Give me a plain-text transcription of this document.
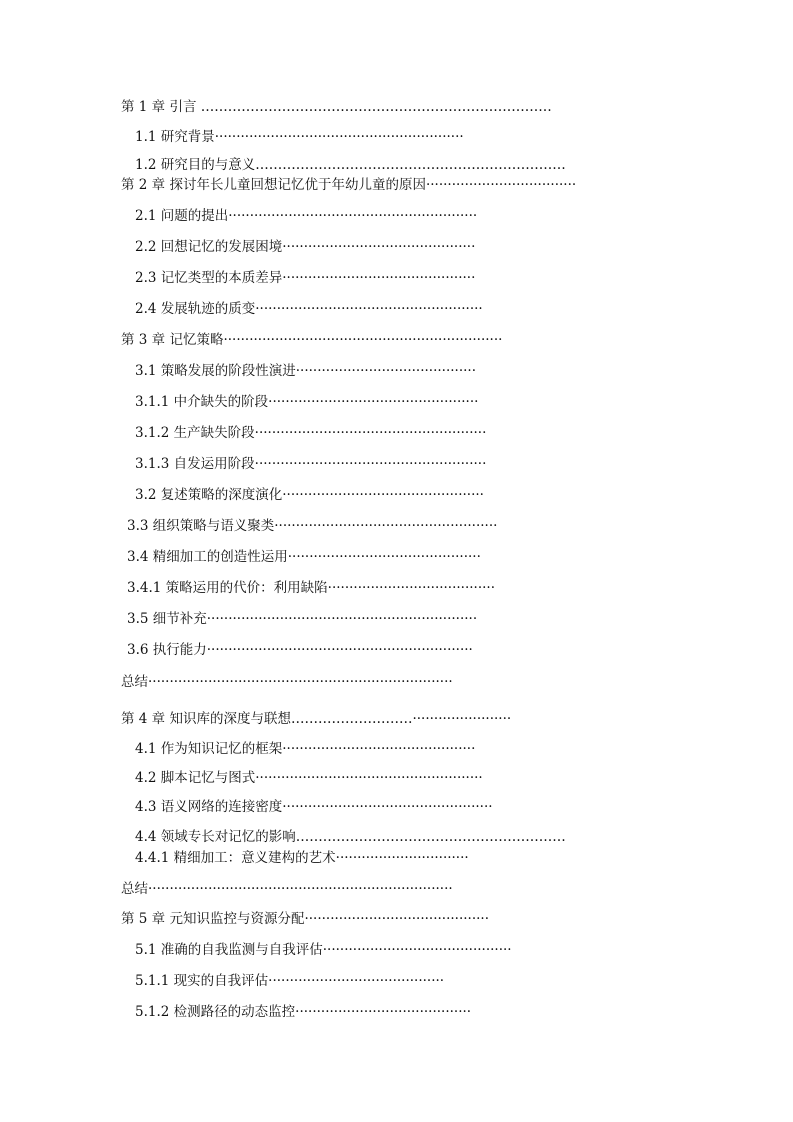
第 1 章 引言 ……………………………………………………………………
1.1 研究背景··························································
1.2 研究目的与意义……………………………………………………………
第 2 章 探讨年长儿童回想记忆优于年幼儿童的原因···································
2.1 问题的提出··························································
2.2 回想记忆的发展困境·············································
2.3 记忆类型的本质差异·············································
2.4 发展轨迹的质变·····················································
第 3 章 记忆策略·································································
3.1 策略发展的阶段性演进··········································
3.1.1 中介缺失的阶段·················································
3.1.2 生产缺失阶段······················································
3.1.3 自发运用阶段······················································
3.2 复述策略的深度演化···············································
3.3 组织策略与语义聚类····················································
3.4 精细加工的创造性运用·············································
3.4.1 策略运用的代价：利用缺陷·······································
3.5 细节补充·······························································
3.6 执行能力······························································
总结·······································································
第 4 章 知识库的深度与联想………………………·······················
4.1 作为知识记忆的框架·············································
4.2 脚本记忆与图式·····················································
4.3 语义网络的连接密度·················································
4.4 领域专长对记忆的影响……………………………………………………
4.4.1 精细加工：意义建构的艺术·······························
总结·······································································
第 5 章 元知识监控与资源分配···········································
5.1 准确的自我监测与自我评估············································
5.1.1 现实的自我评估·········································
5.1.2 检测路径的动态监控·········································
